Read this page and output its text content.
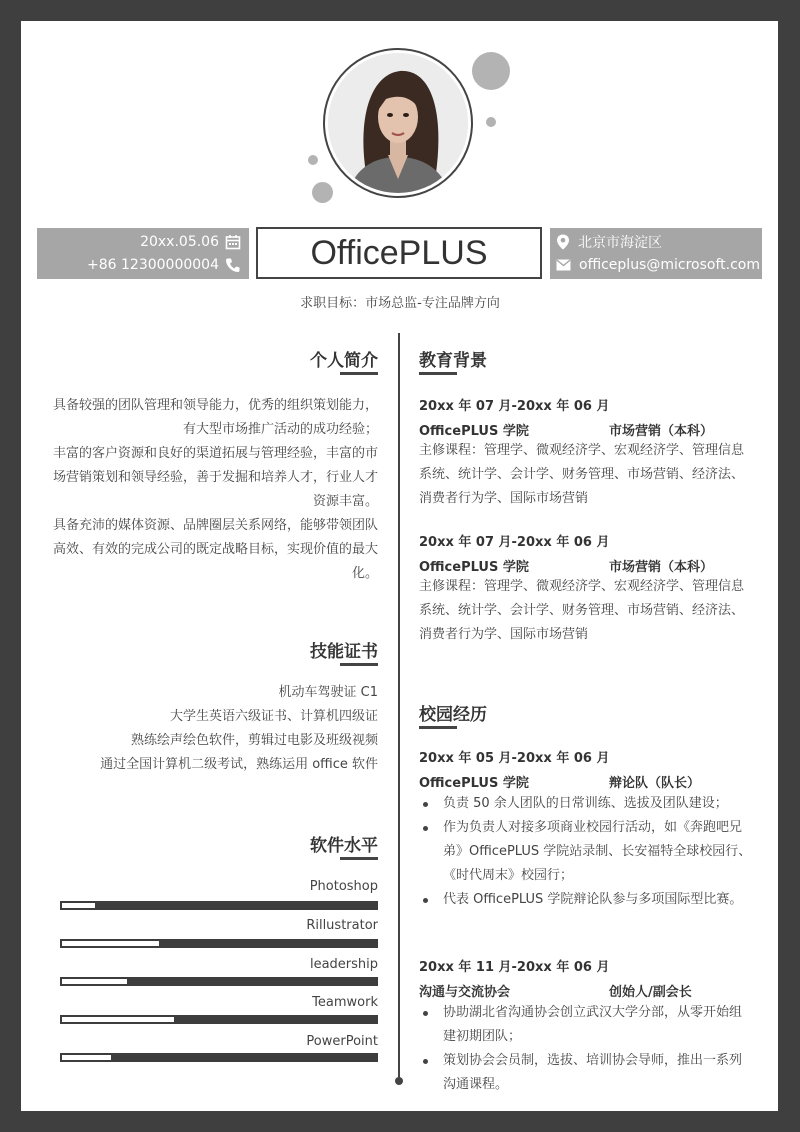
20xx.05.06
+86 12300000004	OfficePLUS	北京市海淀区
officeplus@microsoft.com
求职目标：市场总监-专注品牌方向
个人简介
具备较强的团队管理和领导能力，优秀的组织策划能力，有大型市场推广活动的成功经验；
丰富的客户资源和良好的渠道拓展与管理经验，丰富的市场营销策划和领导经验，善于发掘和培养人才，行业人才资源丰富。
具备充沛的媒体资源、品牌圈层关系网络，能够带领团队高效、有效的完成公司的既定战略目标，实现价值的最大化。
技能证书
机动车驾驶证 C1
大学生英语六级证书、计算机四级证
熟练绘声绘色软件，剪辑过电影及班级视频
通过全国计算机二级考试，熟练运用 office 软件
软件水平
Photoshop
Rillustrator
leadership
Teamwork
PowerPoint
教育背景
20xx 年 07 月-20xx 年 06 月
OfficePLUS 学院	市场营销（本科）
主修课程：管理学、微观经济学、宏观经济学、管理信息系统、统计学、会计学、财务管理、市场营销、经济法、消费者行为学、国际市场营销
20xx 年 07 月-20xx 年 06 月
OfficePLUS 学院	市场营销（本科）
主修课程：管理学、微观经济学、宏观经济学、管理信息系统、统计学、会计学、财务管理、市场营销、经济法、消费者行为学、国际市场营销
校园经历
20xx 年 05 月-20xx 年 06 月
OfficePLUS 学院	辩论队（队长）
负责 50 余人团队的日常训练、选拔及团队建设；
作为负责人对接多项商业校园行活动，如《奔跑吧兄弟》OfficePLUS 学院站录制、长安福特全球校园行、《时代周末》校园行；
代表 OfficePLUS 学院辩论队参与多项国际型比赛。
20xx 年 11 月-20xx 年 06 月
沟通与交流协会	创始人/副会长
协助湖北省沟通协会创立武汉大学分部，从零开始组建初期团队；
策划协会会员制，选拔、培训协会导师，推出一系列沟通课程。
